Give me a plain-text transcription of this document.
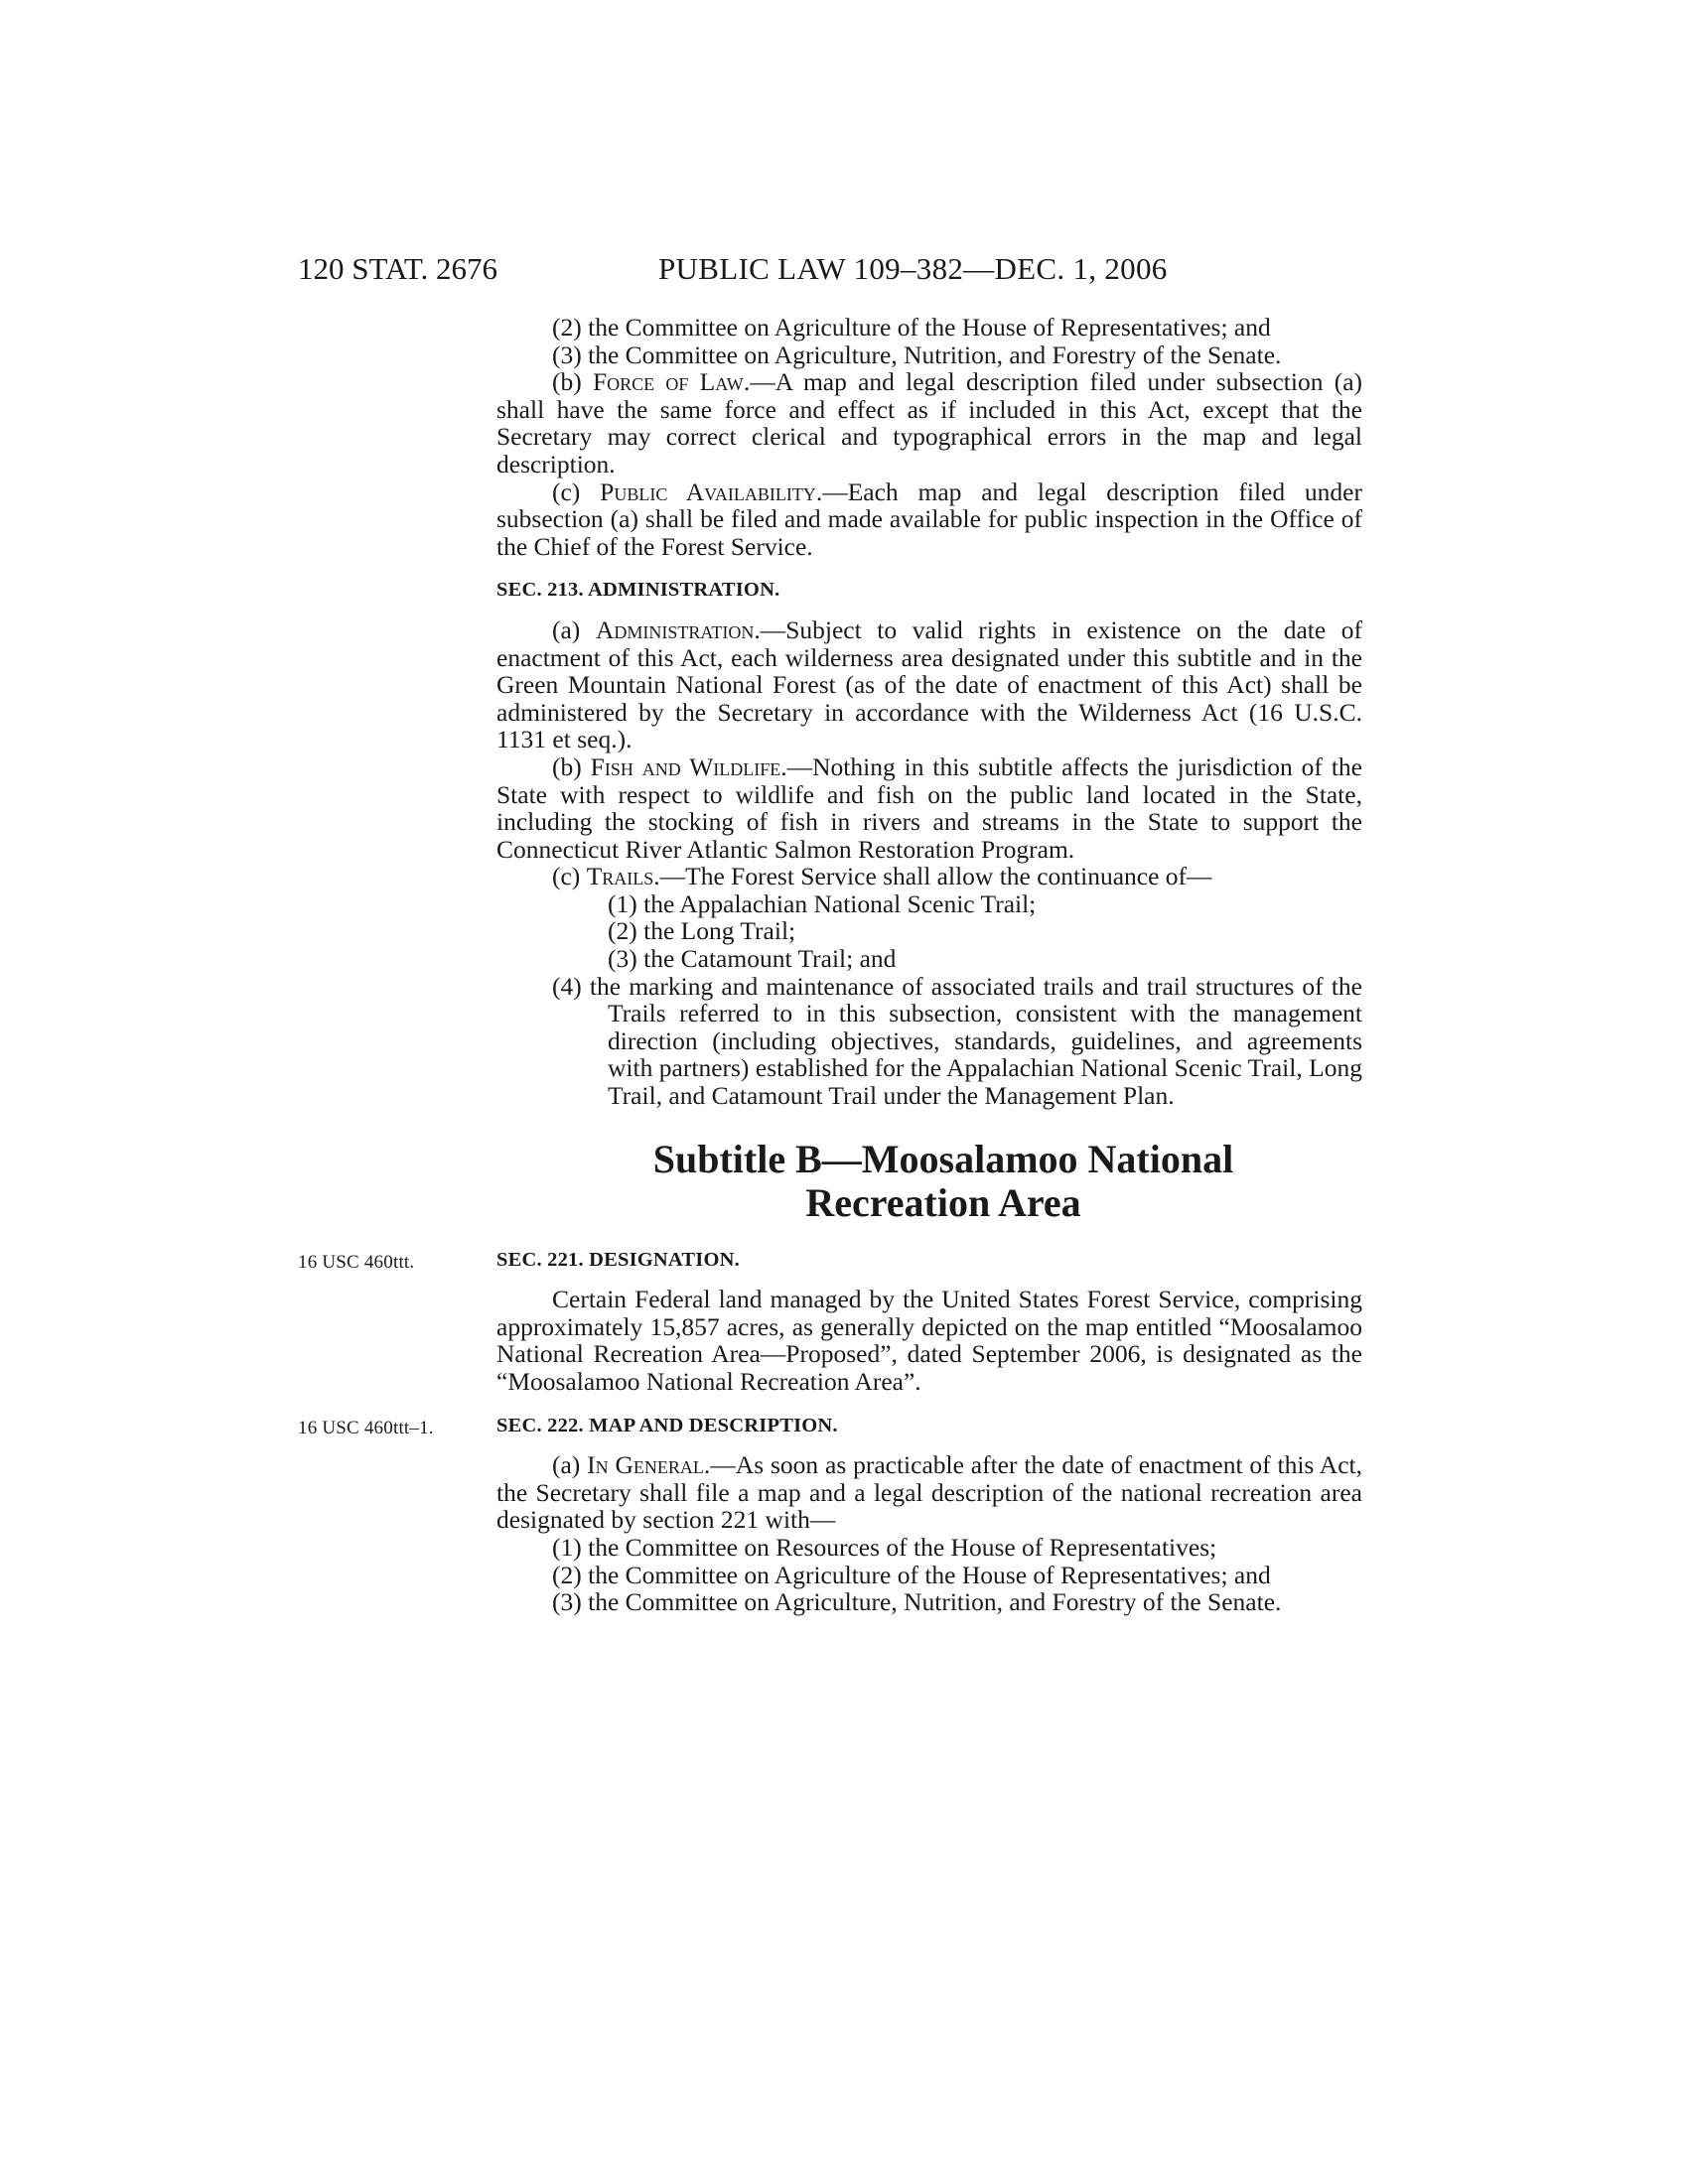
120 STAT. 2676	PUBLIC LAW 109–382—DEC. 1, 2006

(2) the Committee on Agriculture of the House of Representatives; and

(3) the Committee on Agriculture, Nutrition, and Forestry of the Senate.

(b) Force of Law.—A map and legal description filed under subsection (a) shall have the same force and effect as if included in this Act, except that the Secretary may correct clerical and typographical errors in the map and legal description.

(c) Public Availability.—Each map and legal description filed under subsection (a) shall be filed and made available for public inspection in the Office of the Chief of the Forest Service.

SEC. 213. ADMINISTRATION.

(a) Administration.—Subject to valid rights in existence on the date of enactment of this Act, each wilderness area designated under this subtitle and in the Green Mountain National Forest (as of the date of enactment of this Act) shall be administered by the Secretary in accordance with the Wilderness Act (16 U.S.C. 1131 et seq.).

(b) Fish and Wildlife.—Nothing in this subtitle affects the jurisdiction of the State with respect to wildlife and fish on the public land located in the State, including the stocking of fish in rivers and streams in the State to support the Connecticut River Atlantic Salmon Restoration Program.

(c) Trails.—The Forest Service shall allow the continuance of—

(1) the Appalachian National Scenic Trail;

(2) the Long Trail;

(3) the Catamount Trail; and

(4) the marking and maintenance of associated trails and trail structures of the Trails referred to in this subsection, consistent with the management direction (including objectives, standards, guidelines, and agreements with partners) established for the Appalachian National Scenic Trail, Long Trail, and Catamount Trail under the Management Plan.

Subtitle B—Moosalamoo National
Recreation Area
16 USC 460ttt.	SEC. 221. DESIGNATION.

Certain Federal land managed by the United States Forest Service, comprising approximately 15,857 acres, as generally depicted on the map entitled “Moosalamoo National Recreation Area—Proposed”, dated September 2006, is designated as the “Moosalamoo National Recreation Area”.

16 USC 460ttt–1.	SEC. 222. MAP AND DESCRIPTION.

(a) In General.—As soon as practicable after the date of enactment of this Act, the Secretary shall file a map and a legal description of the national recreation area designated by section 221 with—

(1) the Committee on Resources of the House of Representatives;

(2) the Committee on Agriculture of the House of Representatives; and

(3) the Committee on Agriculture, Nutrition, and Forestry of the Senate.
